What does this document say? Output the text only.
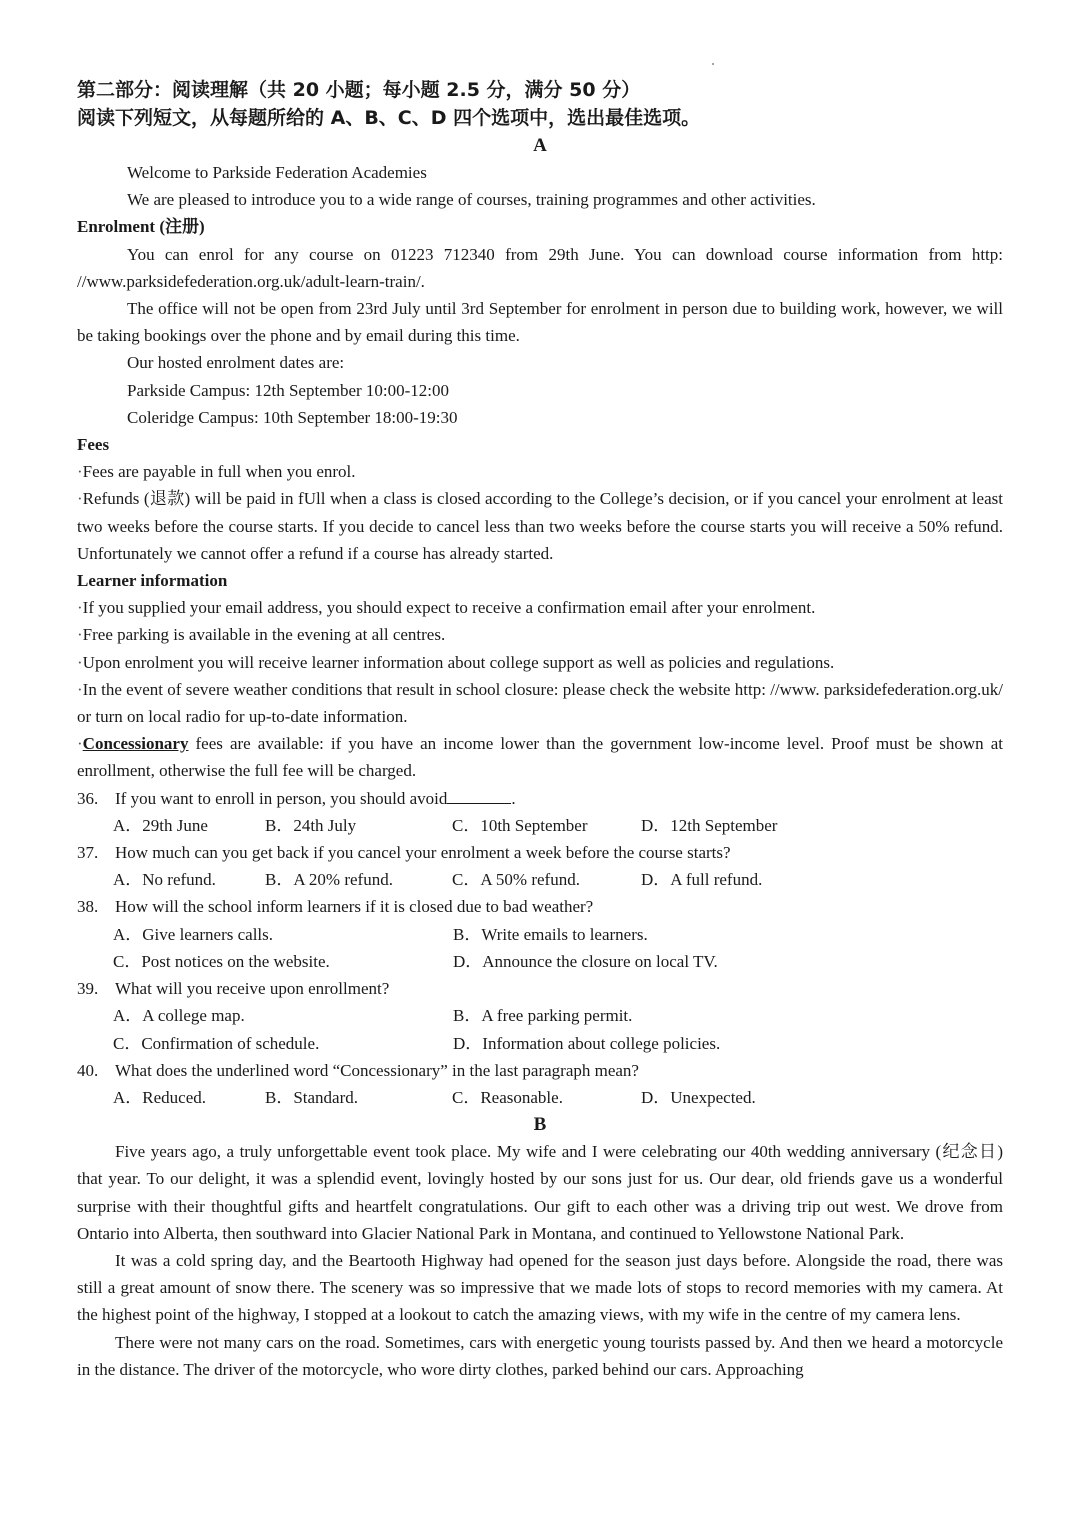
第二部分：阅读理解（共 20 小题；每小题 2.5 分，满分 50 分）

阅读下列短文，从每题所给的 A、B、C、D 四个选项中，选出最佳选项。

A

Welcome to Parkside Federation Academies

We are pleased to introduce you to a wide range of courses, training programmes and other activities.

Enrolment (注册)

You can enrol for any course on 01223 712340 from 29th June. You can download course information from http: //www.parksidefederation.org.uk/adult-learn-train/.

The office will not be open from 23rd July until 3rd September for enrolment in person due to building work, however, we will be taking bookings over the phone and by email during this time.

Our hosted enrolment dates are:

Parkside Campus: 12th September 10:00-12:00

Coleridge Campus: 10th September 18:00-19:30

Fees

·Fees are payable in full when you enrol.

·Refunds (退款) will be paid in fUll when a class is closed according to the College’s decision, or if you cancel your enrolment at least two weeks before the course starts. If you decide to cancel less than two weeks before the course starts you will receive a 50% refund. Unfortunately we cannot offer a refund if a course has already started.

Learner information

·If you supplied your email address, you should expect to receive a confirmation email after your enrolment.

·Free parking is available in the evening at all centres.

·Upon enrolment you will receive learner information about college support as well as policies and regulations.

·In the event of severe weather conditions that result in school closure: please check the website http: //www. parksidefederation.org.uk/ or turn on local radio for up-to-date information.

·Concessionary fees are available: if you have an income lower than the government low-income level. Proof must be shown at enrollment, otherwise the full fee will be charged.

36. If you want to enroll in person, you should avoid	.

A．29th June	B．24th July	C．10th September	D．12th September

37. How much can you get back if you cancel your enrolment a week before the course starts?

A．No refund.	B．A 20% refund.	C．A 50% refund.	D．A full refund.

38. How will the school inform learners if it is closed due to bad weather?

A．Give learners calls.	B．Write emails to learners.
C．Post notices on the website.	D．Announce the closure on local TV.

39. What will you receive upon enrollment?

A．A college map.	B．A free parking permit.
C．Confirmation of schedule.	D．Information about college policies.

40. What does the underlined word “Concessionary” in the last paragraph mean?

A．Reduced.	B．Standard.	C．Reasonable.	D．Unexpected.

B

Five years ago, a truly unforgettable event took place. My wife and I were celebrating our 40th wedding anniversary (纪念日) that year. To our delight, it was a splendid event, lovingly hosted by our sons just for us. Our dear, old friends gave us a wonderful surprise with their thoughtful gifts and heartfelt congratulations. Our gift to each other was a driving trip out west. We drove from Ontario into Alberta, then southward into Glacier National Park in Montana, and continued to Yellowstone National Park.

It was a cold spring day, and the Beartooth Highway had opened for the season just days before. Alongside the road, there was still a great amount of snow there. The scenery was so impressive that we made lots of stops to record memories with my camera. At the highest point of the highway, I stopped at a lookout to catch the amazing views, with my wife in the centre of my camera lens.

There were not many cars on the road. Sometimes, cars with energetic young tourists passed by. And then we heard a motorcycle in the distance. The driver of the motorcycle, who wore dirty clothes, parked behind our cars. Approaching
